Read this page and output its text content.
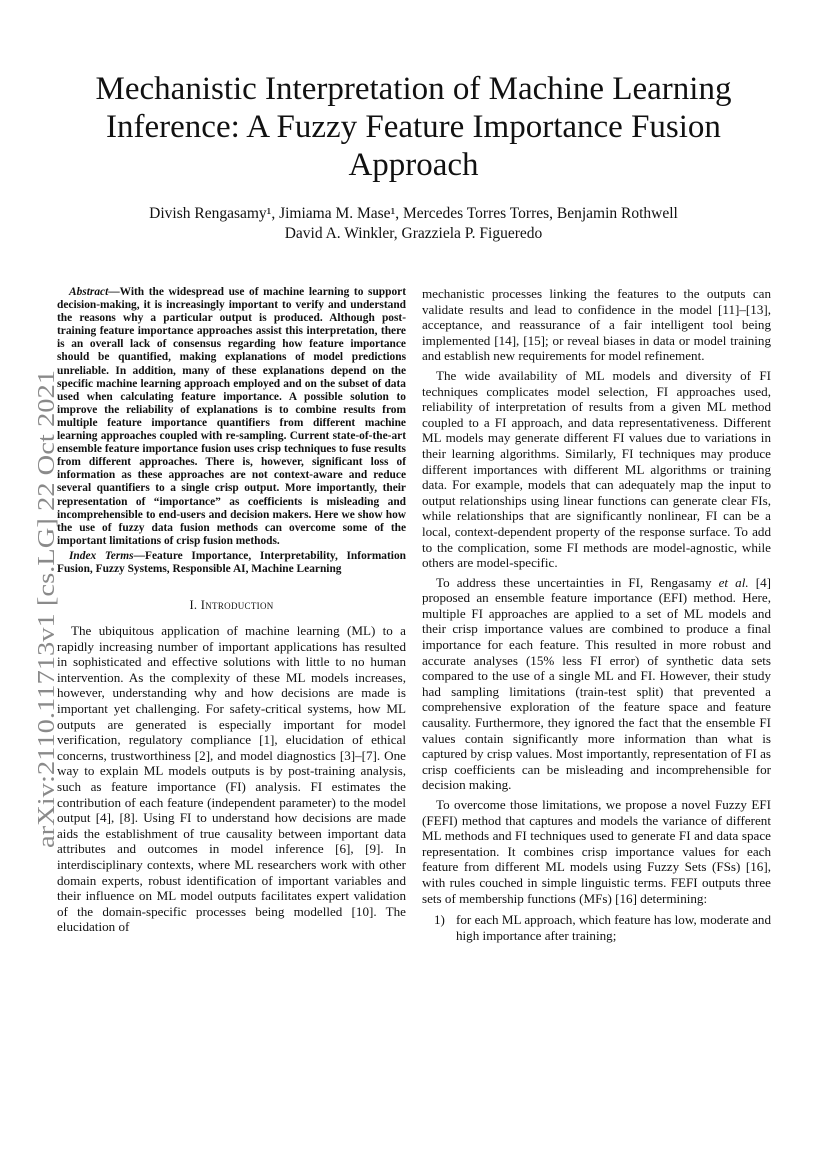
Mechanistic Interpretation of Machine Learning
Inference: A Fuzzy Feature Importance Fusion
Approach
Divish Rengasamy¹, Jimiama M. Mase¹, Mercedes Torres Torres, Benjamin Rothwell
David A. Winkler, Grazziela P. Figueredo
arXiv:2110.11713v1 [cs.LG] 22 Oct 2021

Abstract—With the widespread use of machine learning to support decision-making, it is increasingly important to verify and understand the reasons why a particular output is produced. Although post-training feature importance approaches assist this interpretation, there is an overall lack of consensus regarding how feature importance should be quantified, making explanations of model predictions unreliable. In addition, many of these explanations depend on the specific machine learning approach employed and on the subset of data used when calculating feature importance. A possible solution to improve the reliability of explanations is to combine results from multiple feature importance quantifiers from different machine learning approaches coupled with re-sampling. Current state-of-the-art ensemble feature importance fusion uses crisp techniques to fuse results from different approaches. There is, however, significant loss of information as these approaches are not context-aware and reduce several quantifiers to a single crisp output. More importantly, their representation of “importance” as coefficients is misleading and incomprehensible to end-users and decision makers. Here we show how the use of fuzzy data fusion methods can overcome some of the important limitations of crisp fusion methods.

Index Terms—Feature Importance, Interpretability, Information Fusion, Fuzzy Systems, Responsible AI, Machine Learning

I. Introduction

The ubiquitous application of machine learning (ML) to a rapidly increasing number of important applications has resulted in sophisticated and effective solutions with little to no human intervention. As the complexity of these ML models increases, however, understanding why and how decisions are made is important yet challenging. For safety-critical systems, how ML outputs are generated is especially important for model verification, regulatory compliance [1], elucidation of ethical concerns, trustworthiness [2], and model diagnostics [3]–[7]. One way to explain ML models outputs is by post-training analysis, such as feature importance (FI) analysis. FI estimates the contribution of each feature (independent parameter) to the model output [4], [8]. Using FI to understand how decisions are made aids the establishment of true causality between important data attributes and outcomes in model inference [6], [9]. In interdisciplinary contexts, where ML researchers work with other domain experts, robust identification of important variables and their influence on ML model outputs facilitates expert validation of the domain-specific processes being modelled [10]. The elucidation of

mechanistic processes linking the features to the outputs can validate results and lead to confidence in the model [11]–[13], acceptance, and reassurance of a fair intelligent tool being implemented [14], [15]; or reveal biases in data or model training and establish new requirements for model refinement.

The wide availability of ML models and diversity of FI techniques complicates model selection, FI approaches used, reliability of interpretation of results from a given ML method coupled to a FI approach, and data representativeness. Different ML models may generate different FI values due to variations in their learning algorithms. Similarly, FI techniques may produce different importances with different ML algorithms or training data. For example, models that can adequately map the input to output relationships using linear functions can generate clear FIs, while relationships that are significantly nonlinear, FI can be a local, context-dependent property of the response surface. To add to the complication, some FI methods are model-agnostic, while others are model-specific.

To address these uncertainties in FI, Rengasamy et al. [4] proposed an ensemble feature importance (EFI) method. Here, multiple FI approaches are applied to a set of ML models and their crisp importance values are combined to produce a final importance for each feature. This resulted in more robust and accurate analyses (15% less FI error) of synthetic data sets compared to the use of a single ML and FI. However, their study had sampling limitations (train-test split) that prevented a comprehensive exploration of the feature space and feature causality. Furthermore, they ignored the fact that the ensemble FI values contain significantly more information than what is captured by crisp values. Most importantly, representation of FI as crisp coefficients can be misleading and incomprehensible for decision making.

To overcome those limitations, we propose a novel Fuzzy EFI (FEFI) method that captures and models the variance of different ML methods and FI techniques used to generate FI and data space representation. It combines crisp importance values for each feature from different ML models using Fuzzy Sets (FSs) [16], with rules couched in simple linguistic terms. FEFI outputs three sets of membership functions (MFs) [16] determining:

1) for each ML approach, which feature has low, moderate and high importance after training;
